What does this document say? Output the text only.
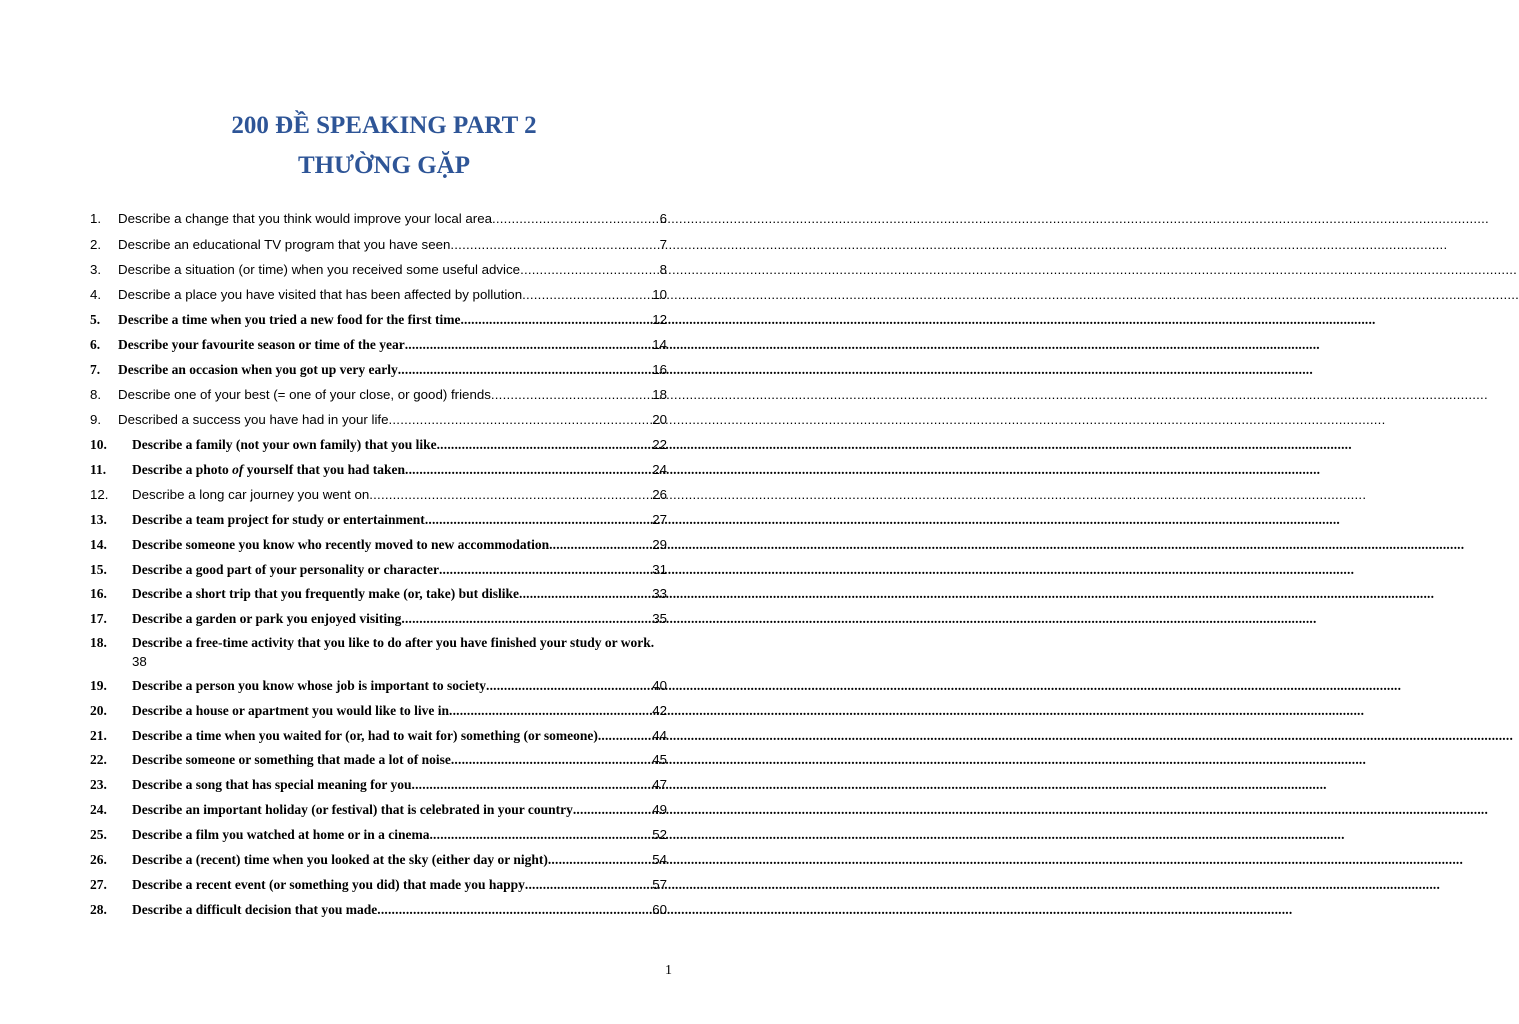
200 ĐỀ SPEAKING PART 2
THƯỜNG GẶP
1.	Describe a change that you think would improve your local area .....	6
2.	Describe an educational TV program that you have seen .....	7
3.	Describe a situation (or time) when you received some useful advice .....	8
4.	Describe a place you have visited that has been affected by pollution .....	10
5.	Describe a time when you tried a new food for the first time .....	12
6.	Describe your favourite season or time of the year .....	14
7.	Describe an occasion when you got up very early .....	16
8.	Describe one of your best (= one of your close, or good) friends .....	18
9.	Described a success you have had in your life .....	20
10.	Describe a family (not your own family) that you like .....	22
11.	Describe a photo of yourself that you had taken .....	24
12.	Describe a long car journey you went on .....	26
13.	Describe a team project for study or entertainment .....	27
14.	Describe someone you know who recently moved to new accommodation .....	29
15.	Describe a good part of your personality or character .....	31
16.	Describe a short trip that you frequently make (or, take) but dislike .....	33
17.	Describe a garden or park you enjoyed visiting .....	35
18. Describe a free-time activity that you like to do after you have finished your study or work.
38
19.	Describe a person you know whose job is important to society .....	40
20.	Describe a house or apartment you would like to live in .....	42
21.	Describe a time when you waited for (or, had to wait for) something (or someone) .....	44
22.	Describe someone or something that made a lot of noise .....	45
23.	Describe a song that has special meaning for you .....	47
24.	Describe an important holiday (or festival) that is celebrated in your country .....	49
25.	Describe a film you watched at home or in a cinema .....	52
26.	Describe a (recent) time when you looked at the sky (either day or night) .....	54
27.	Describe a recent event (or something you did) that made you happy .....	57
28.	Describe a difficult decision that you made .....	60
1
